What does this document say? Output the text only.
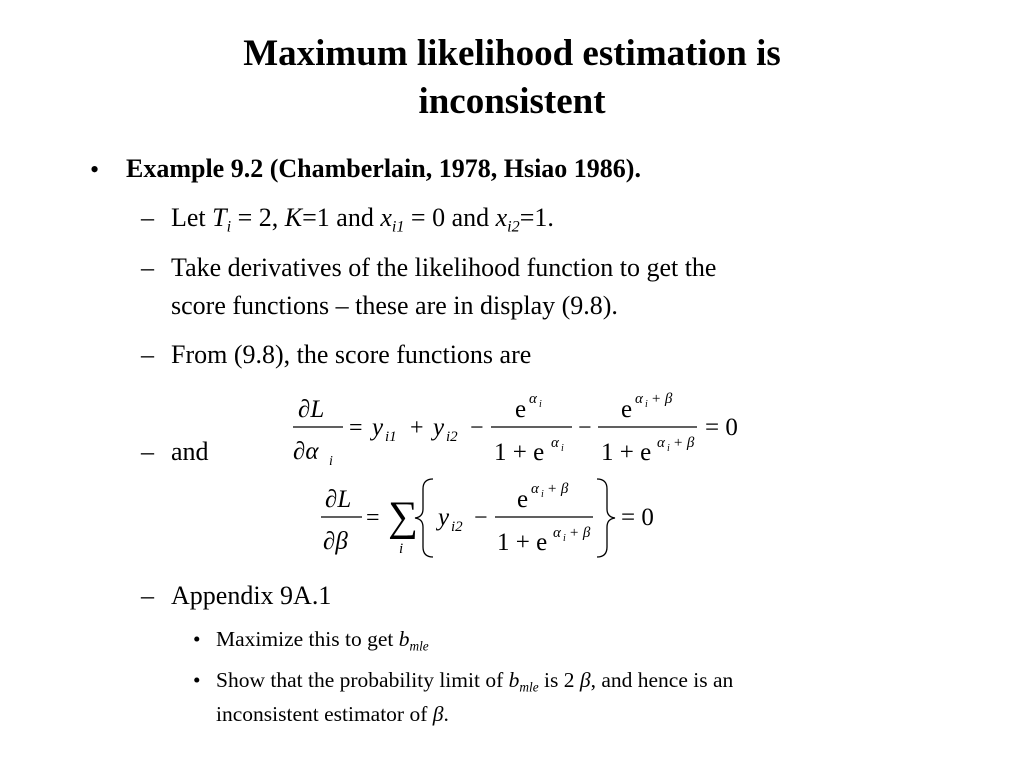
Maximum likelihood estimation is
inconsistent
• Example 9.2 (Chamberlain, 1978, Hsiao 1986).
– Let $T_i = 2$, K=1 and $x_{i1} = 0$ and $x_{i2}=1$.
– Take derivatives of the likelihood function to get the
score functions – these are in display (9.8).
– From (9.8), the score functions are
– and
∂L
∂α i
= y i1 + y i2 −
e α i
1 + e α i
−
e α i + β
1 + e α i + β
= 0
∂L
∂β
= ∑
i
y i2 −
e α i + β
1 + e α i + β
= 0
– Appendix 9A.1
• Maximize this to get $b_{mle}$
• Show that the probability limit of $b_{mle}$ is 2 β, and hence is an
inconsistent estimator of β.
